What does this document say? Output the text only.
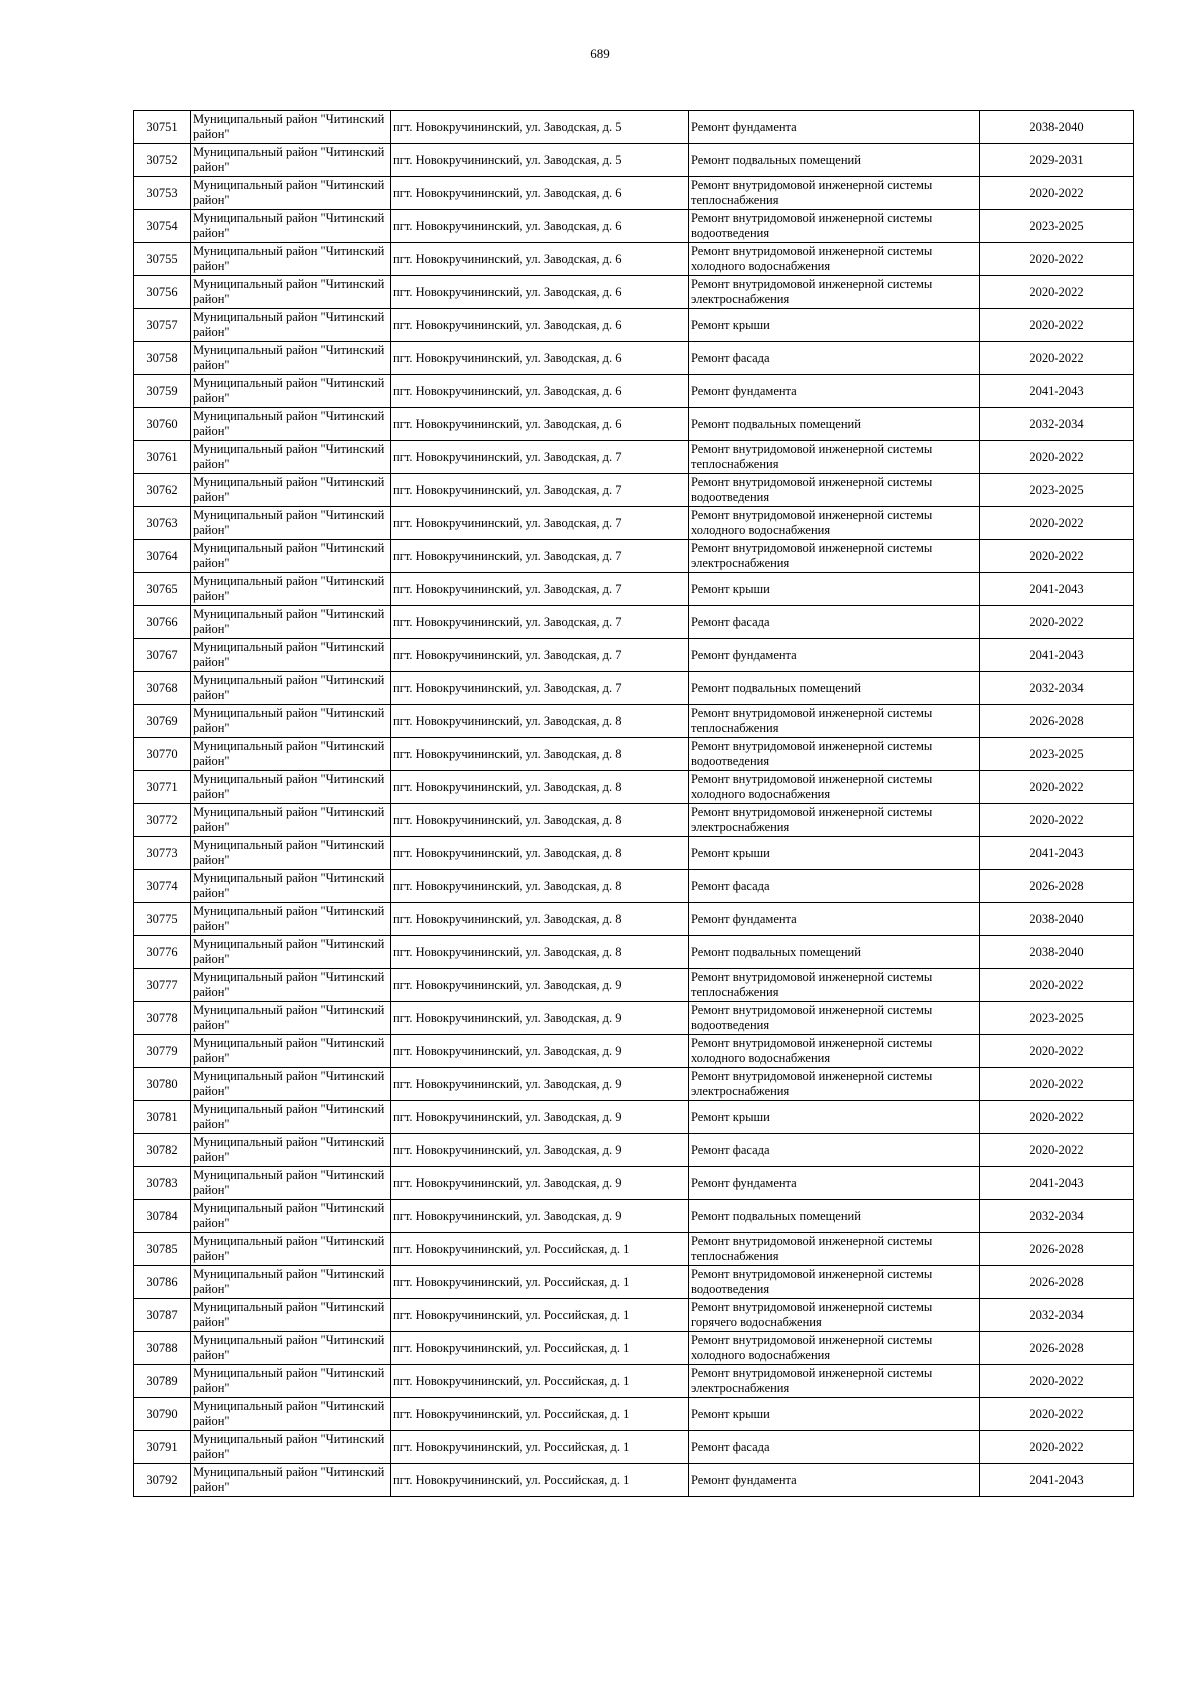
689
30751	Муниципальный район "Читинский район"	пгт. Новокручининский, ул. Заводская, д. 5	Ремонт фундамента	2038-2040
30752	Муниципальный район "Читинский район"	пгт. Новокручининский, ул. Заводская, д. 5	Ремонт подвальных помещений	2029-2031
30753	Муниципальный район "Читинский район"	пгт. Новокручининский, ул. Заводская, д. 6	Ремонт внутридомовой инженерной системы теплоснабжения	2020-2022
30754	Муниципальный район "Читинский район"	пгт. Новокручининский, ул. Заводская, д. 6	Ремонт внутридомовой инженерной системы водоотведения	2023-2025
30755	Муниципальный район "Читинский район"	пгт. Новокручининский, ул. Заводская, д. 6	Ремонт внутридомовой инженерной системы холодного водоснабжения	2020-2022
30756	Муниципальный район "Читинский район"	пгт. Новокручининский, ул. Заводская, д. 6	Ремонт внутридомовой инженерной системы электроснабжения	2020-2022
30757	Муниципальный район "Читинский район"	пгт. Новокручининский, ул. Заводская, д. 6	Ремонт крыши	2020-2022
30758	Муниципальный район "Читинский район"	пгт. Новокручининский, ул. Заводская, д. 6	Ремонт фасада	2020-2022
30759	Муниципальный район "Читинский район"	пгт. Новокручининский, ул. Заводская, д. 6	Ремонт фундамента	2041-2043
30760	Муниципальный район "Читинский район"	пгт. Новокручининский, ул. Заводская, д. 6	Ремонт подвальных помещений	2032-2034
30761	Муниципальный район "Читинский район"	пгт. Новокручининский, ул. Заводская, д. 7	Ремонт внутридомовой инженерной системы теплоснабжения	2020-2022
30762	Муниципальный район "Читинский район"	пгт. Новокручининский, ул. Заводская, д. 7	Ремонт внутридомовой инженерной системы водоотведения	2023-2025
30763	Муниципальный район "Читинский район"	пгт. Новокручининский, ул. Заводская, д. 7	Ремонт внутридомовой инженерной системы холодного водоснабжения	2020-2022
30764	Муниципальный район "Читинский район"	пгт. Новокручининский, ул. Заводская, д. 7	Ремонт внутридомовой инженерной системы электроснабжения	2020-2022
30765	Муниципальный район "Читинский район"	пгт. Новокручининский, ул. Заводская, д. 7	Ремонт крыши	2041-2043
30766	Муниципальный район "Читинский район"	пгт. Новокручининский, ул. Заводская, д. 7	Ремонт фасада	2020-2022
30767	Муниципальный район "Читинский район"	пгт. Новокручининский, ул. Заводская, д. 7	Ремонт фундамента	2041-2043
30768	Муниципальный район "Читинский район"	пгт. Новокручининский, ул. Заводская, д. 7	Ремонт подвальных помещений	2032-2034
30769	Муниципальный район "Читинский район"	пгт. Новокручининский, ул. Заводская, д. 8	Ремонт внутридомовой инженерной системы теплоснабжения	2026-2028
30770	Муниципальный район "Читинский район"	пгт. Новокручининский, ул. Заводская, д. 8	Ремонт внутридомовой инженерной системы водоотведения	2023-2025
30771	Муниципальный район "Читинский район"	пгт. Новокручининский, ул. Заводская, д. 8	Ремонт внутридомовой инженерной системы холодного водоснабжения	2020-2022
30772	Муниципальный район "Читинский район"	пгт. Новокручининский, ул. Заводская, д. 8	Ремонт внутридомовой инженерной системы электроснабжения	2020-2022
30773	Муниципальный район "Читинский район"	пгт. Новокручининский, ул. Заводская, д. 8	Ремонт крыши	2041-2043
30774	Муниципальный район "Читинский район"	пгт. Новокручининский, ул. Заводская, д. 8	Ремонт фасада	2026-2028
30775	Муниципальный район "Читинский район"	пгт. Новокручининский, ул. Заводская, д. 8	Ремонт фундамента	2038-2040
30776	Муниципальный район "Читинский район"	пгт. Новокручининский, ул. Заводская, д. 8	Ремонт подвальных помещений	2038-2040
30777	Муниципальный район "Читинский район"	пгт. Новокручининский, ул. Заводская, д. 9	Ремонт внутридомовой инженерной системы теплоснабжения	2020-2022
30778	Муниципальный район "Читинский район"	пгт. Новокручининский, ул. Заводская, д. 9	Ремонт внутридомовой инженерной системы водоотведения	2023-2025
30779	Муниципальный район "Читинский район"	пгт. Новокручининский, ул. Заводская, д. 9	Ремонт внутридомовой инженерной системы холодного водоснабжения	2020-2022
30780	Муниципальный район "Читинский район"	пгт. Новокручининский, ул. Заводская, д. 9	Ремонт внутридомовой инженерной системы электроснабжения	2020-2022
30781	Муниципальный район "Читинский район"	пгт. Новокручининский, ул. Заводская, д. 9	Ремонт крыши	2020-2022
30782	Муниципальный район "Читинский район"	пгт. Новокручининский, ул. Заводская, д. 9	Ремонт фасада	2020-2022
30783	Муниципальный район "Читинский район"	пгт. Новокручининский, ул. Заводская, д. 9	Ремонт фундамента	2041-2043
30784	Муниципальный район "Читинский район"	пгт. Новокручининский, ул. Заводская, д. 9	Ремонт подвальных помещений	2032-2034
30785	Муниципальный район "Читинский район"	пгт. Новокручининский, ул. Российская, д. 1	Ремонт внутридомовой инженерной системы теплоснабжения	2026-2028
30786	Муниципальный район "Читинский район"	пгт. Новокручининский, ул. Российская, д. 1	Ремонт внутридомовой инженерной системы водоотведения	2026-2028
30787	Муниципальный район "Читинский район"	пгт. Новокручининский, ул. Российская, д. 1	Ремонт внутридомовой инженерной системы горячего водоснабжения	2032-2034
30788	Муниципальный район "Читинский район"	пгт. Новокручининский, ул. Российская, д. 1	Ремонт внутридомовой инженерной системы холодного водоснабжения	2026-2028
30789	Муниципальный район "Читинский район"	пгт. Новокручининский, ул. Российская, д. 1	Ремонт внутридомовой инженерной системы электроснабжения	2020-2022
30790	Муниципальный район "Читинский район"	пгт. Новокручининский, ул. Российская, д. 1	Ремонт крыши	2020-2022
30791	Муниципальный район "Читинский район"	пгт. Новокручининский, ул. Российская, д. 1	Ремонт фасада	2020-2022
30792	Муниципальный район "Читинский район"	пгт. Новокручининский, ул. Российская, д. 1	Ремонт фундамента	2041-2043
